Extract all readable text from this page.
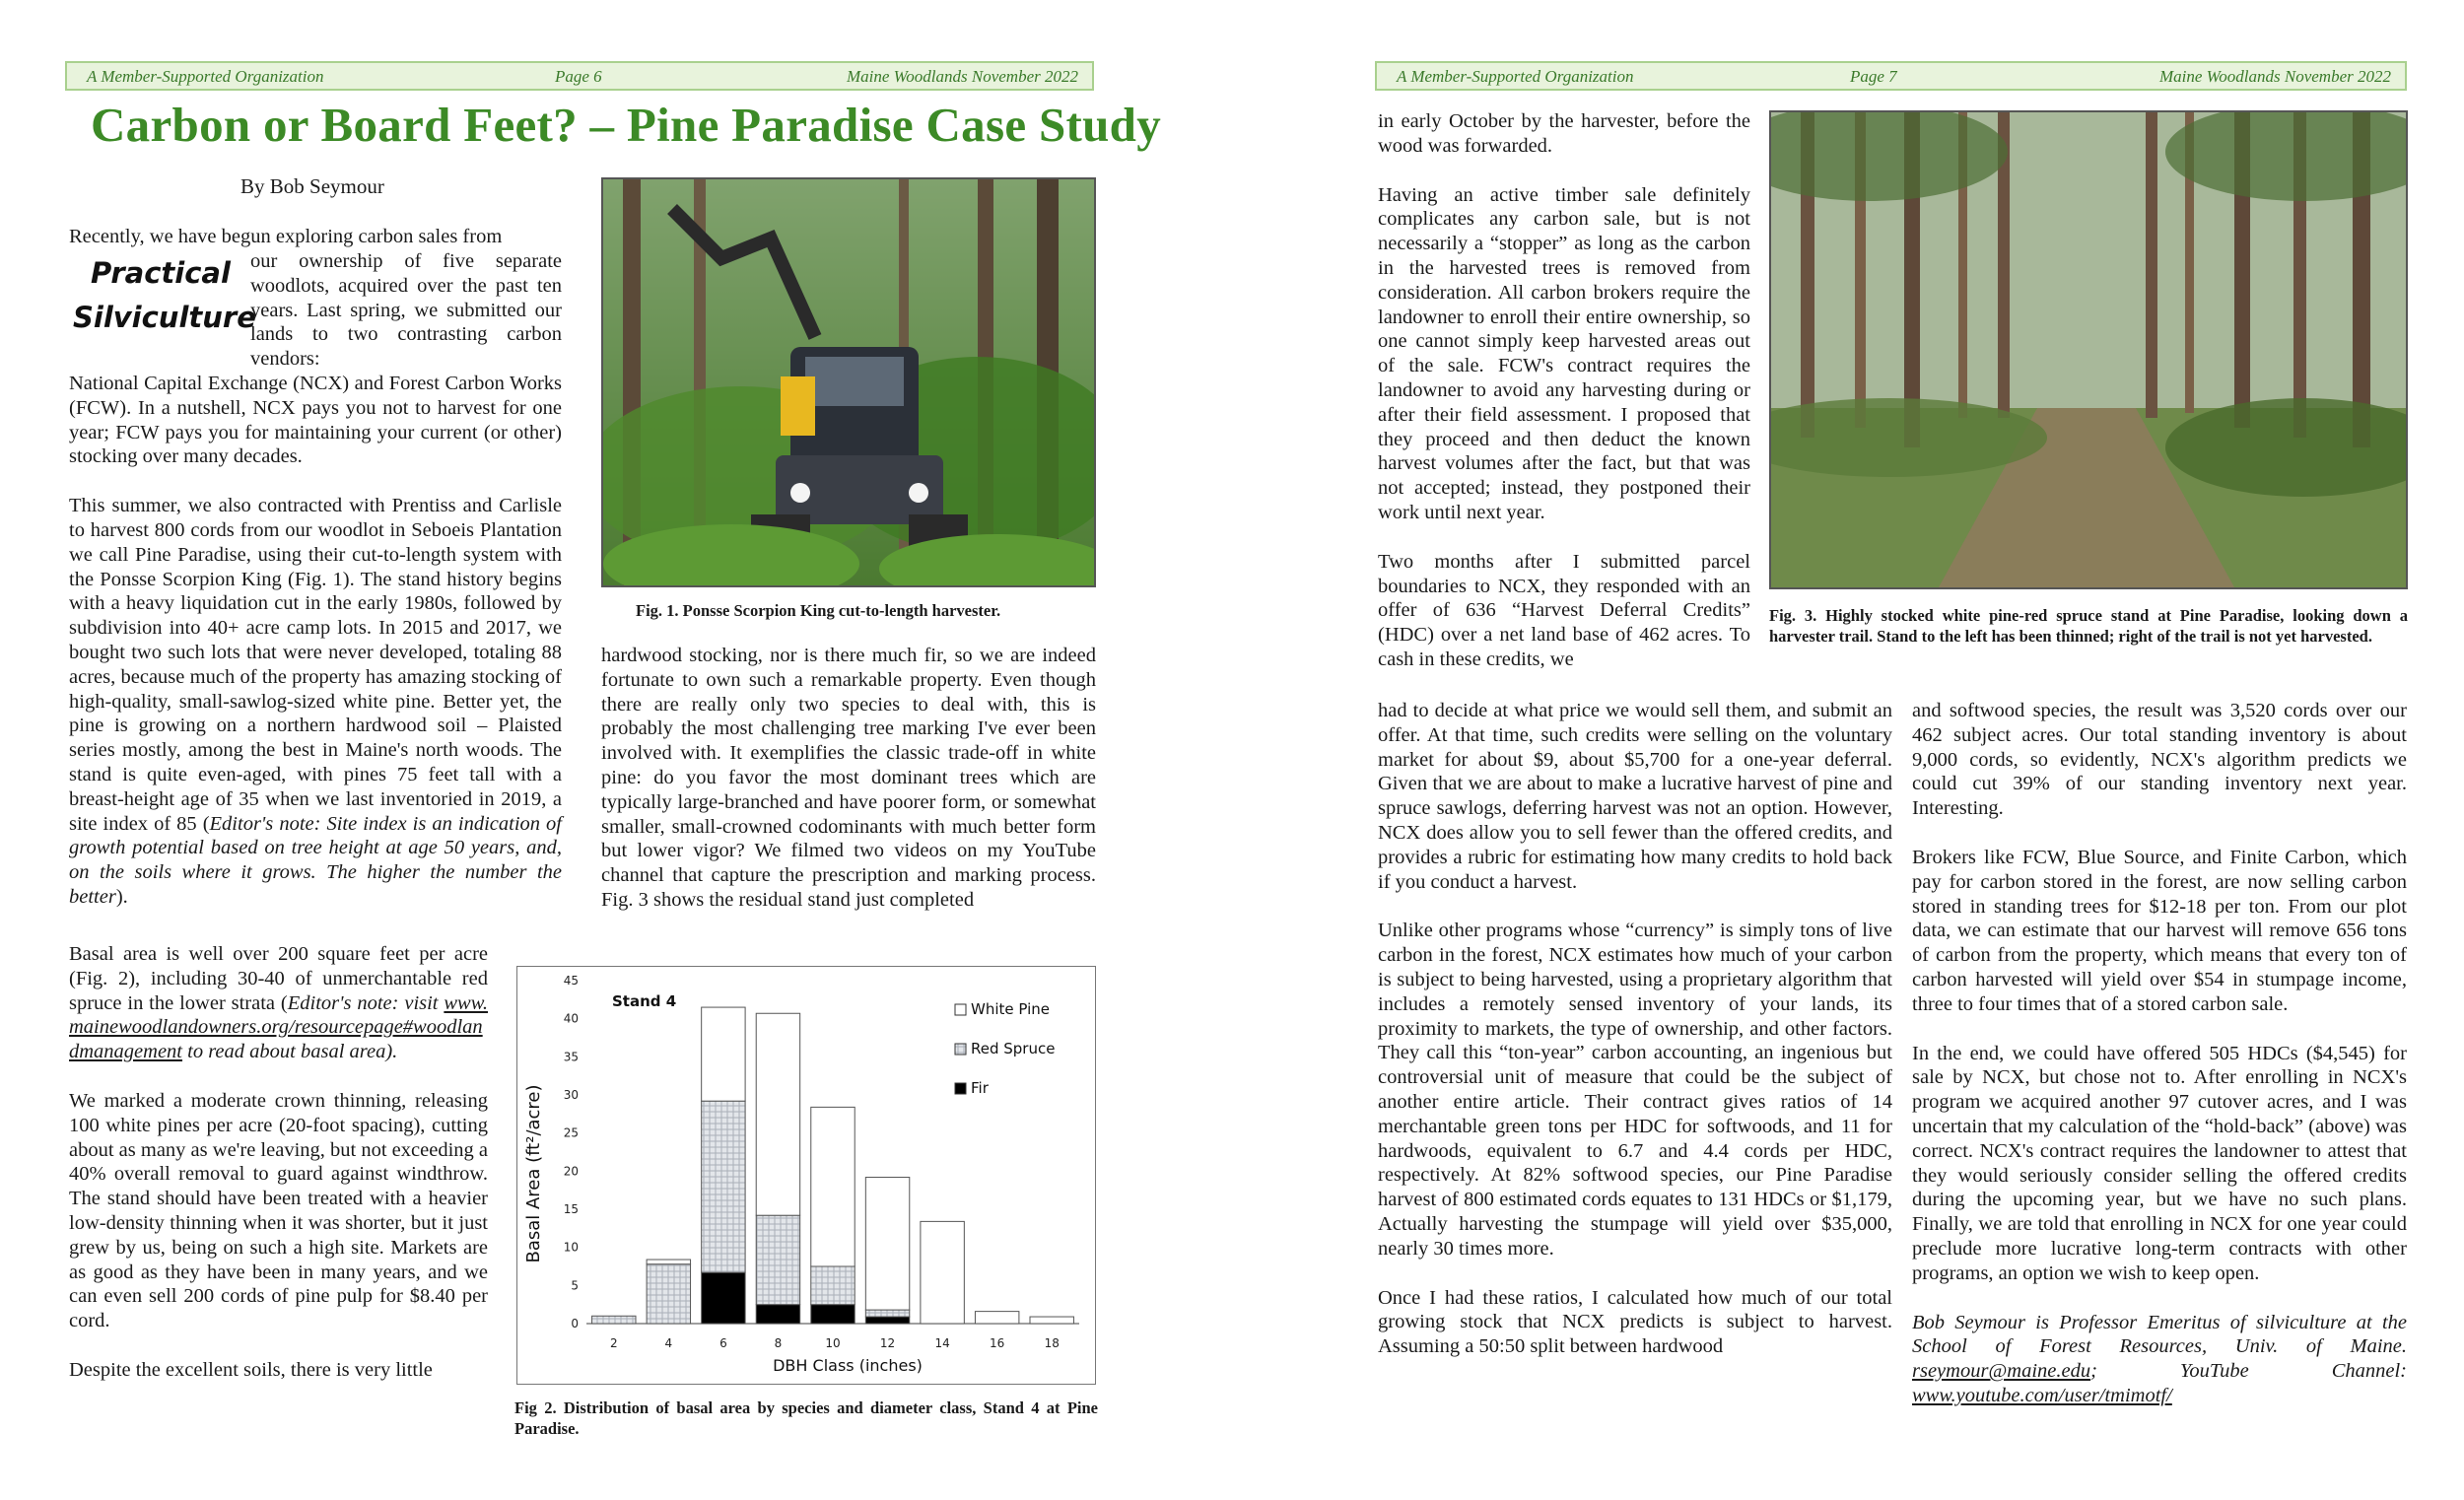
A Member-Supported Organization	Page 6	Maine Woodlands November 2022
Carbon or Board Feet? – Pine Paradise Case Study
By Bob Seymour
Practical
Silviculture
Recently, we have begun exploring carbon sales from
our ownership of five separate woodlots, acquired over the past ten years. Last spring, we submitted our lands to two contrasting carbon vendors:

National Capital Exchange (NCX) and Forest Carbon Works (FCW). In a nutshell, NCX pays you not to harvest for one year; FCW pays you for maintaining your current (or other) stocking over many decades.

This summer, we also contracted with Prentiss and Carlisle to harvest 800 cords from our woodlot in Seboeis Plantation we call Pine Paradise, using their cut-to-length system with the Ponsse Scorpion King (Fig. 1). The stand history begins with a heavy liquidation cut in the early 1980s, followed by subdivision into 40+ acre camp lots. In 2015 and 2017, we bought two such lots that were never developed, totaling 88 acres, because much of the property has amazing stocking of high-quality, small-sawlog-sized white pine. Better yet, the pine is growing on a northern hardwood soil – Plaisted series mostly, among the best in Maine's north woods. The stand is quite even-aged, with pines 75 feet tall with a breast-height age of 35 when we last inventoried in 2019, a site index of 85 (Editor's note: Site index is an indication of growth potential based on tree height at age 50 years, and, on the soils where it grows. The higher the number the better).

Basal area is well over 200 square feet per acre (Fig. 2), including 30-40 of unmerchantable red spruce in the lower strata (Editor's note: visit www.mainewoodlandowners.org/resourcepage#woodlandmanagement to read about basal area).

We marked a moderate crown thinning, releasing 100 white pines per acre (20-foot spacing), cutting about as many as we're leaving, but not exceeding a 40% overall removal to guard against windthrow. The stand should have been treated with a heavier low-density thinning when it was shorter, but it just grew by us, being on such a high site. Markets are as good as they have been in many years, and we can even sell 200 cords of pine pulp for $8.40 per cord.

Despite the excellent soils, there is very little

Fig. 1. Ponsse Scorpion King cut-to-length harvester.

hardwood stocking, nor is there much fir, so we are indeed fortunate to own such a remarkable property. Even though there are really only two species to deal with, this is probably the most challenging tree marking I've ever been involved with. It exemplifies the classic trade-off in white pine: do you favor the most dominant trees which are typically large-branched and have poorer form, or somewhat smaller, small-crowned codominants with much better form but lower vigor? We filmed two videos on my YouTube channel that capture the prescription and marking process. Fig. 3 shows the residual stand just completed

0
5
10
15
20
25
30
35
40
45
2	4	6	8	10	12	14	16	18
White Pine
Red Spruce
Fir
Stand 4
DBH Class (inches)
Basal Area (ft²/acre)
Fig 2. Distribution of basal area by species and diameter class, Stand 4 at Pine Paradise.
A Member-Supported Organization	Page 7	Maine Woodlands November 2022

in early October by the harvester, before the wood was forwarded.

Having an active timber sale definitely complicates any carbon sale, but is not necessarily a “stopper” as long as the carbon in the harvested trees is removed from consideration. All carbon brokers require the landowner to enroll their entire ownership, so one cannot simply keep harvested areas out of the sale. FCW's contract requires the landowner to avoid any harvesting during or after their field assessment. I proposed that they proceed and then deduct the known harvest volumes after the fact, but that was not accepted; instead, they postponed their work until next year.

Two months after I submitted parcel boundaries to NCX, they responded with an offer of 636 “Harvest Deferral Credits” (HDC) over a net land base of 462 acres. To cash in these credits, we

Fig. 3. Highly stocked white pine-red spruce stand at Pine Paradise, looking down a harvester trail. Stand to the left has been thinned; right of the trail is not yet harvested.

had to decide at what price we would sell them, and submit an offer. At that time, such credits were selling on the voluntary market for about $9, about $5,700 for a one-year deferral. Given that we are about to make a lucrative harvest of pine and spruce sawlogs, deferring harvest was not an option. However, NCX does allow you to sell fewer than the offered credits, and provides a rubric for estimating how many credits to hold back if you conduct a harvest.

Unlike other programs whose “currency” is simply tons of live carbon in the forest, NCX estimates how much of your carbon is subject to being harvested, using a proprietary algorithm that includes a remotely sensed inventory of your lands, its proximity to markets, the type of ownership, and other factors. They call this “ton-year” carbon accounting, an ingenious but controversial unit of measure that could be the subject of another entire article. Their contract gives ratios of 14 merchantable green tons per HDC for softwoods, and 11 for hardwoods, equivalent to 6.7 and 4.4 cords per HDC, respectively. At 82% softwood species, our Pine Paradise harvest of 800 estimated cords equates to 131 HDCs or $1,179, Actually harvesting the stumpage will yield over $35,000, nearly 30 times more.

Once I had these ratios, I calculated how much of our total growing stock that NCX predicts is subject to harvest. Assuming a 50:50 split between hardwood

and softwood species, the result was 3,520 cords over our 462 subject acres. Our total standing inventory is about 9,000 cords, so evidently, NCX's algorithm predicts we could cut 39% of our standing inventory next year. Interesting.

Brokers like FCW, Blue Source, and Finite Carbon, which pay for carbon stored in the forest, are now selling carbon stored in standing trees for $12-18 per ton. From our plot data, we can estimate that our harvest will remove 656 tons of carbon from the property, which means that every ton of carbon harvested will yield over $54 in stumpage income, three to four times that of a stored carbon sale.

In the end, we could have offered 505 HDCs ($4,545) for sale by NCX, but chose not to. After enrolling in NCX's program we acquired another 97 cutover acres, and I was uncertain that my calculation of the “hold-back” (above) was correct. NCX's contract requires the landowner to attest that they would seriously consider selling the offered credits during the upcoming year, but we have no such plans. Finally, we are told that enrolling in NCX for one year could preclude more lucrative long-term contracts with other programs, an option we wish to keep open.

Bob Seymour is Professor Emeritus of silviculture at the School of Forest Resources, Univ. of Maine. rseymour@maine.edu; YouTube Channel: www.youtube.com/user/tmimotf/
